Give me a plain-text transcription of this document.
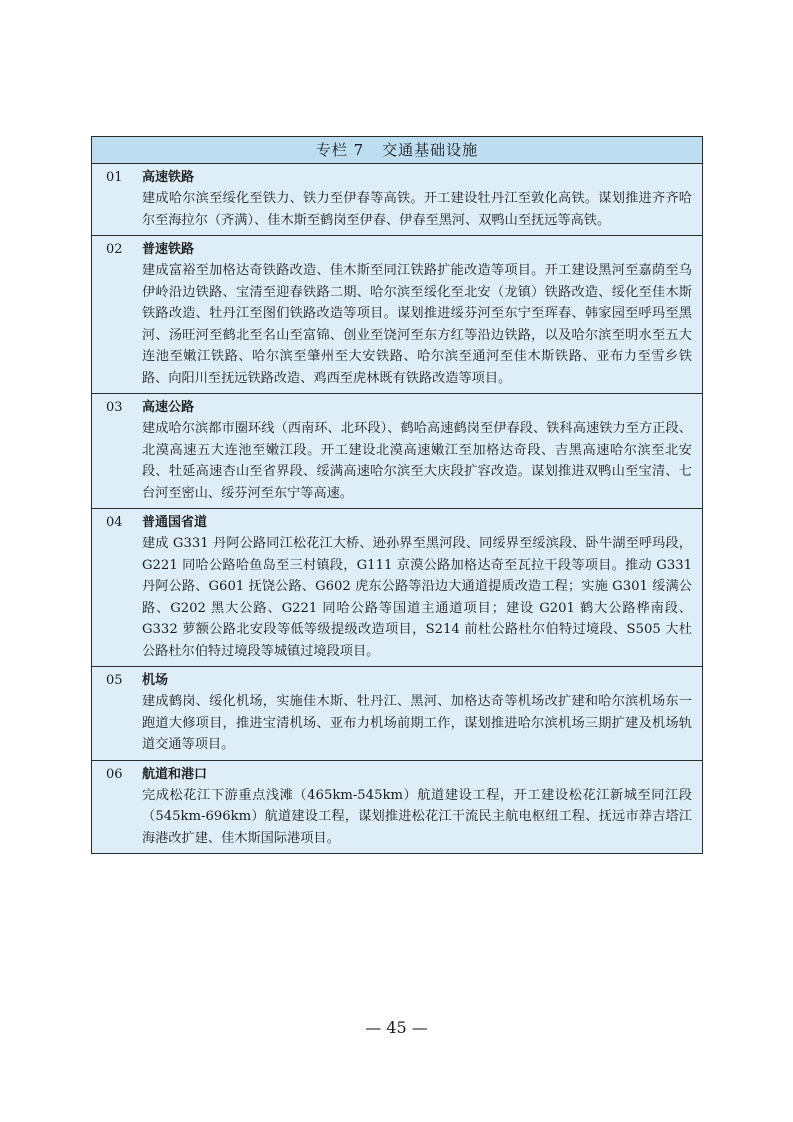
专栏 7 交通基础设施
01	高速铁路
建成哈尔滨至绥化至铁力、铁力至伊春等高铁。开工建设牡丹江至敦化高铁。谋划推进齐齐哈尔至海拉尔（齐满）、佳木斯至鹤岗至伊春、伊春至黑河、双鸭山至抚远等高铁。
02	普速铁路
建成富裕至加格达奇铁路改造、佳木斯至同江铁路扩能改造等项目。开工建设黑河至嘉荫至乌伊岭沿边铁路、宝清至迎春铁路二期、哈尔滨至绥化至北安（龙镇）铁路改造、绥化至佳木斯铁路改造、牡丹江至图们铁路改造等项目。谋划推进绥芬河至东宁至珲春、韩家园至呼玛至黑河、汤旺河至鹤北至名山至富锦、创业至饶河至东方红等沿边铁路，以及哈尔滨至明水至五大连池至嫩江铁路、哈尔滨至肇州至大安铁路、哈尔滨至通河至佳木斯铁路、亚布力至雪乡铁路、向阳川至抚远铁路改造、鸡西至虎林既有铁路改造等项目。
03	高速公路
建成哈尔滨都市圈环线（西南环、北环段）、鹤哈高速鹤岗至伊春段、铁科高速铁力至方正段、北漠高速五大连池至嫩江段。开工建设北漠高速嫩江至加格达奇段、吉黑高速哈尔滨至北安段、牡延高速杏山至省界段、绥满高速哈尔滨至大庆段扩容改造。谋划推进双鸭山至宝清、七台河至密山、绥芬河至东宁等高速。
04	普通国省道
建成 G331 丹阿公路同江松花江大桥、逊孙界至黑河段、同绥界至绥滨段、卧牛湖至呼玛段，G221 同哈公路哈鱼岛至三村镇段，G111 京漠公路加格达奇至瓦拉干段等项目。推动 G331 丹阿公路、G601 抚饶公路、G602 虎东公路等沿边大通道提质改造工程；实施 G301 绥满公路、G202 黑大公路、G221 同哈公路等国道主通道项目；建设 G201 鹤大公路桦南段、G332 萝额公路北安段等低等级提级改造项目，S214 前杜公路杜尔伯特过境段、S505 大杜公路杜尔伯特过境段等城镇过境段项目。
05	机场
建成鹤岗、绥化机场，实施佳木斯、牡丹江、黑河、加格达奇等机场改扩建和哈尔滨机场东一跑道大修项目，推进宝清机场、亚布力机场前期工作，谋划推进哈尔滨机场三期扩建及机场轨道交通等项目。
06	航道和港口
完成松花江下游重点浅滩（465km-545km）航道建设工程，开工建设松花江新城至同江段（545km-696km）航道建设工程，谋划推进松花江干流民主航电枢纽工程、抚远市莽吉塔江海港改扩建、佳木斯国际港项目。
— 45 —
